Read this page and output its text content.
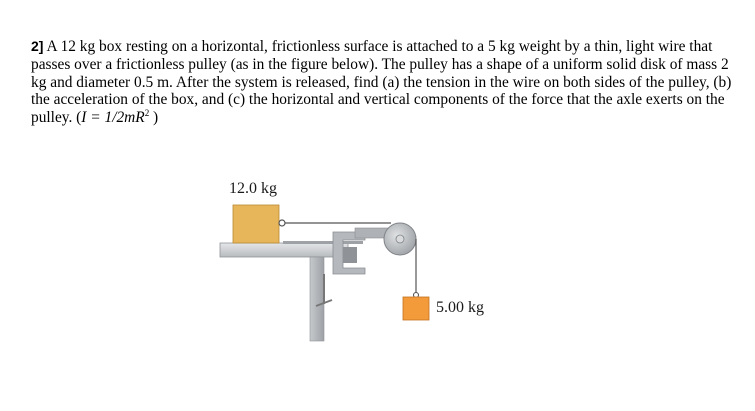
2] A 12 kg box resting on a horizontal, frictionless surface is attached to a 5 kg weight by a thin, light wire that passes over a frictionless pulley (as in the figure below). The pulley has a shape of a uniform solid disk of mass 2 kg and diameter 0.5 m. After the system is released, find (a) the tension in the wire on both sides of the pulley, (b) the acceleration of the box, and (c) the horizontal and vertical components of the force that the axle exerts on the pulley. ($I = 1/2mR^2$ )
12.0 kg
5.00 kg
